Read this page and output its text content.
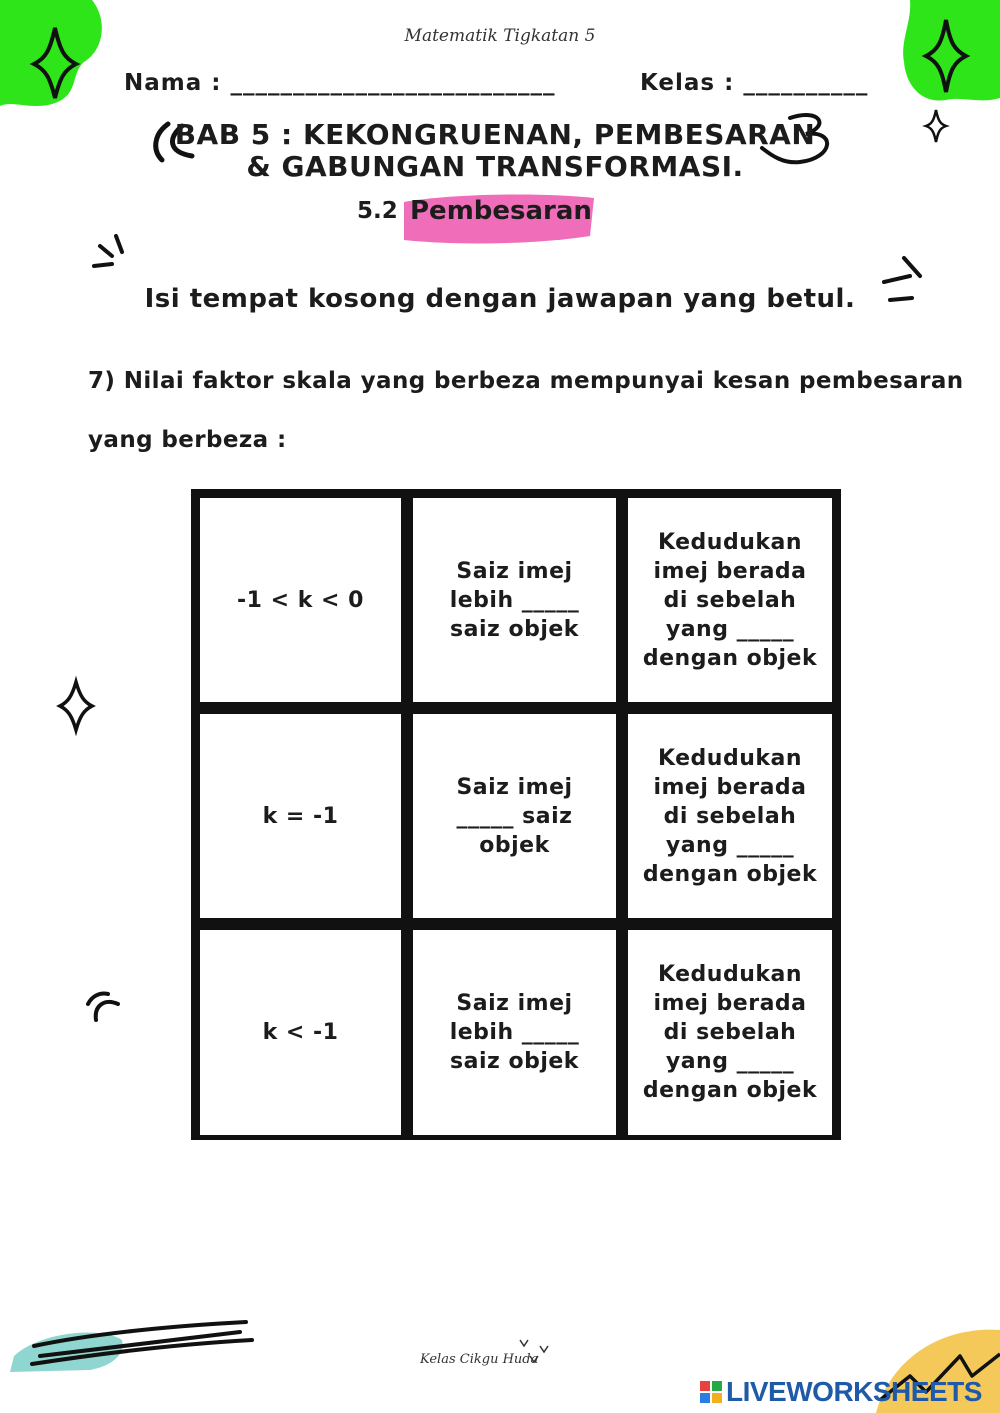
Matematik Tigkatan 5
Nama : __________________________	Kelas : __________
BAB 5 : KEKONGRUENAN, PEMBESARAN
& GABUNGAN TRANSFORMASI.
5.2 Pembesaran
Isi tempat kosong dengan jawapan yang betul.
7) Nilai faktor skala yang berbeza mempunyai kesan pembesaran
yang berbeza :
-1 < k < 0
Saiz imej
lebih _____
saiz objek
Kedudukan
imej berada
di sebelah
yang _____
dengan objek
k = -1
Saiz imej
_____ saiz
objek
Kedudukan
imej berada
di sebelah
yang _____
dengan objek
k < -1
Saiz imej
lebih _____
saiz objek
Kedudukan
imej berada
di sebelah
yang _____
dengan objek
Kelas Cikgu Huda
LIVEWORKSHEETS
